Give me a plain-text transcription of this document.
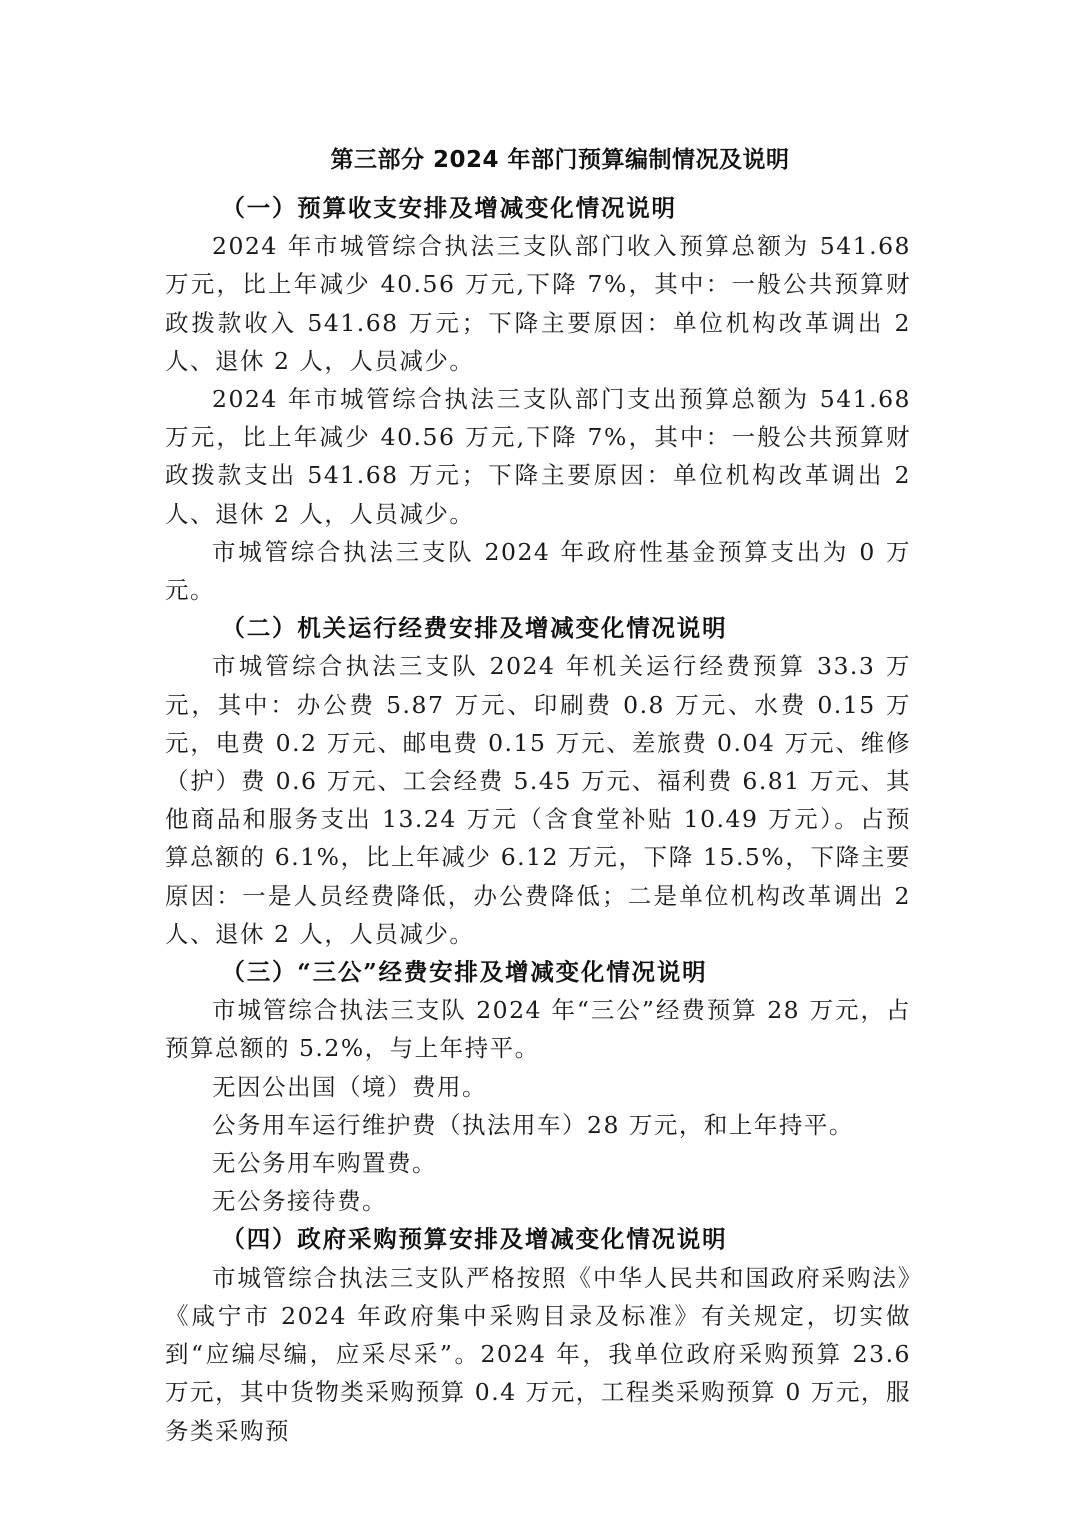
第三部分 2024 年部门预算编制情况及说明

（一）预算收支安排及增减变化情况说明

2024 年市城管综合执法三支队部门收入预算总额为 541.68 万元，比上年减少 40.56 万元,下降 7%，其中：一般公共预算财政拨款收入 541.68 万元；下降主要原因：单位机构改革调出 2 人、退休 2 人，人员减少。

2024 年市城管综合执法三支队部门支出预算总额为 541.68 万元，比上年减少 40.56 万元,下降 7%，其中：一般公共预算财政拨款支出 541.68 万元；下降主要原因：单位机构改革调出 2 人、退休 2 人，人员减少。

市城管综合执法三支队 2024 年政府性基金预算支出为 0 万元。

（二）机关运行经费安排及增减变化情况说明

市城管综合执法三支队 2024 年机关运行经费预算 33.3 万元，其中：办公费 5.87 万元、印刷费 0.8 万元、水费 0.15 万元，电费 0.2 万元、邮电费 0.15 万元、差旅费 0.04 万元、维修（护）费 0.6 万元、工会经费 5.45 万元、福利费 6.81 万元、其他商品和服务支出 13.24 万元（含食堂补贴 10.49 万元）。占预算总额的 6.1%，比上年减少 6.12 万元，下降 15.5%，下降主要原因：一是人员经费降低，办公费降低；二是单位机构改革调出 2 人、退休 2 人，人员减少。

（三）“三公”经费安排及增减变化情况说明

市城管综合执法三支队 2024 年“三公”经费预算 28 万元，占预算总额的 5.2%，与上年持平。

无因公出国（境）费用。

公务用车运行维护费（执法用车）28 万元，和上年持平。

无公务用车购置费。

无公务接待费。

（四）政府采购预算安排及增减变化情况说明

市城管综合执法三支队严格按照《中华人民共和国政府采购法》《咸宁市 2024 年政府集中采购目录及标准》有关规定，切实做到“应编尽编，应采尽采”。2024 年，我单位政府采购预算 23.6 万元，其中货物类采购预算 0.4 万元，工程类采购预算 0 万元，服务类采购预
